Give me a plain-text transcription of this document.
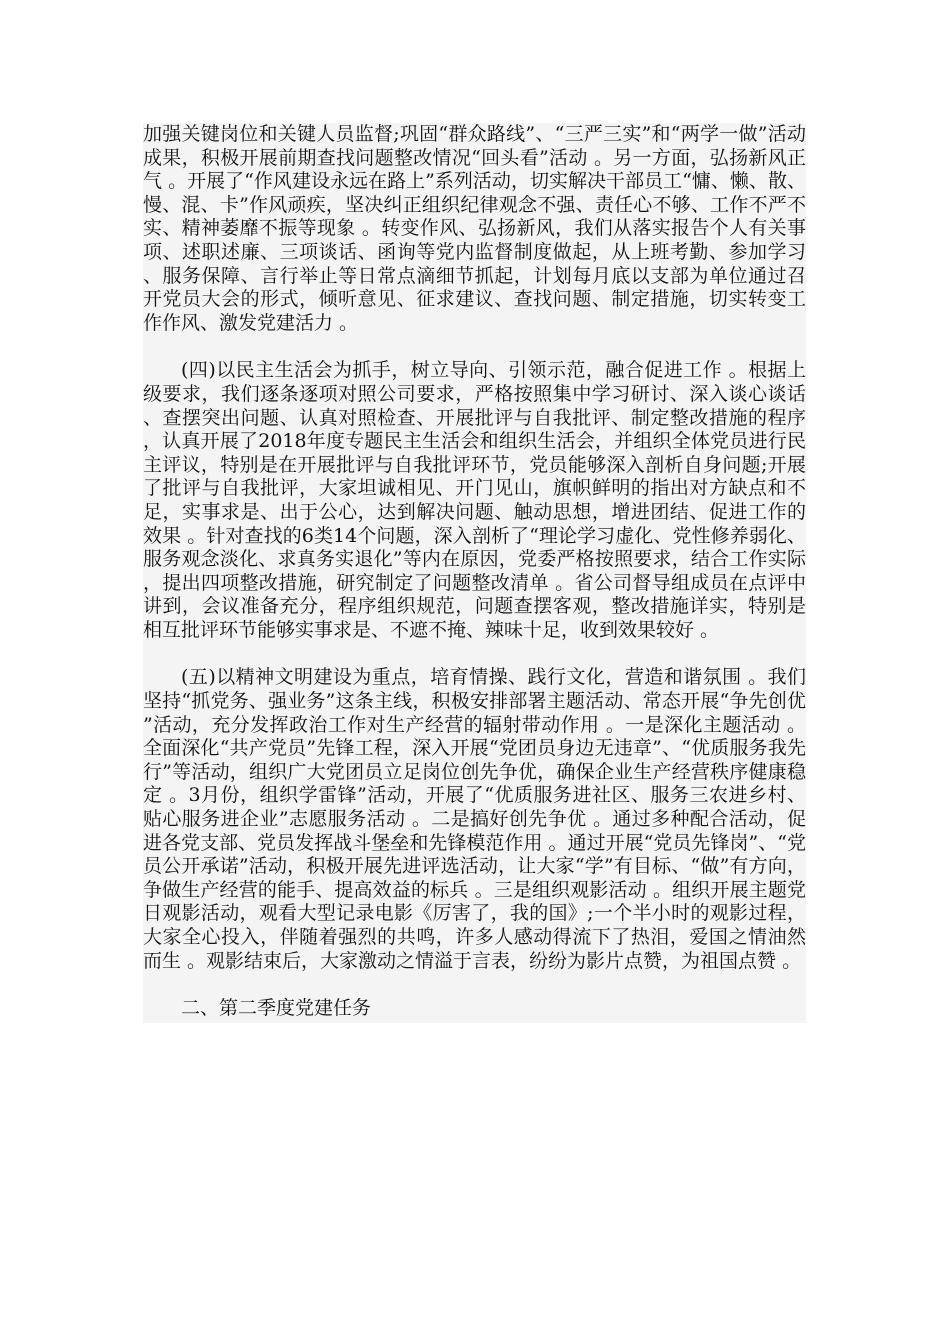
加强关键岗位和关键人员监督;巩固“群众路线”、“三严三实”和“两学一做”活动成果，积极开展前期查找问题整改情况“回头看”活动 。另一方面，弘扬新风正气 。开展了“作风建设永远在路上”系列活动，切实解决干部员工“慵、懒、散、慢、混、卡”作风顽疾，坚决纠正组织纪律观念不强、责任心不够、工作不严不实、精神萎靡不振等现象 。转变作风、弘扬新风，我们从落实报告个人有关事项、述职述廉、三项谈话、函询等党内监督制度做起，从上班考勤、参加学习、服务保障、言行举止等日常点滴细节抓起，计划每月底以支部为单位通过召开党员大会的形式，倾听意见、征求建议、查找问题、制定措施，切实转变工作作风、激发党建活力 。

(四)以民主生活会为抓手，树立导向、引领示范，融合促进工作 。根据上级要求，我们逐条逐项对照公司要求，严格按照集中学习研讨、深入谈心谈话、查摆突出问题、认真对照检查、开展批评与自我批评、制定整改措施的程序，认真开展了2018年度专题民主生活会和组织生活会，并组织全体党员进行民主评议，特别是在开展批评与自我批评环节，党员能够深入剖析自身问题;开展了批评与自我批评，大家坦诚相见、开门见山，旗帜鲜明的指出对方缺点和不足，实事求是、出于公心，达到解决问题、触动思想，增进团结、促进工作的效果 。针对查找的6类14个问题，深入剖析了“理论学习虚化、党性修养弱化、服务观念淡化、求真务实退化”等内在原因，党委严格按照要求，结合工作实际，提出四项整改措施，研究制定了问题整改清单 。省公司督导组成员在点评中讲到，会议准备充分，程序组织规范，问题查摆客观，整改措施详实，特别是相互批评环节能够实事求是、不遮不掩、辣味十足，收到效果较好 。

(五)以精神文明建设为重点，培育情操、践行文化，营造和谐氛围 。我们坚持“抓党务、强业务”这条主线，积极安排部署主题活动、常态开展“争先创优”活动，充分发挥政治工作对生产经营的辐射带动作用 。一是深化主题活动 。全面深化“共产党员”先锋工程，深入开展“党团员身边无违章”、“优质服务我先行”等活动，组织广大党团员立足岗位创先争优，确保企业生产经营秩序健康稳定 。3月份，组织学雷锋”活动，开展了“优质服务进社区、服务三农进乡村、贴心服务进企业”志愿服务活动 。二是搞好创先争优 。通过多种配合活动，促进各党支部、党员发挥战斗堡垒和先锋模范作用 。通过开展“党员先锋岗”、“党员公开承诺”活动，积极开展先进评选活动，让大家“学”有目标、“做”有方向，争做生产经营的能手、提高效益的标兵 。三是组织观影活动 。组织开展主题党日观影活动，观看大型记录电影《厉害了，我的国》;一个半小时的观影过程，大家全心投入，伴随着强烈的共鸣，许多人感动得流下了热泪，爱国之情油然而生 。观影结束后，大家激动之情溢于言表，纷纷为影片点赞，为祖国点赞 。

二、第二季度党建任务
